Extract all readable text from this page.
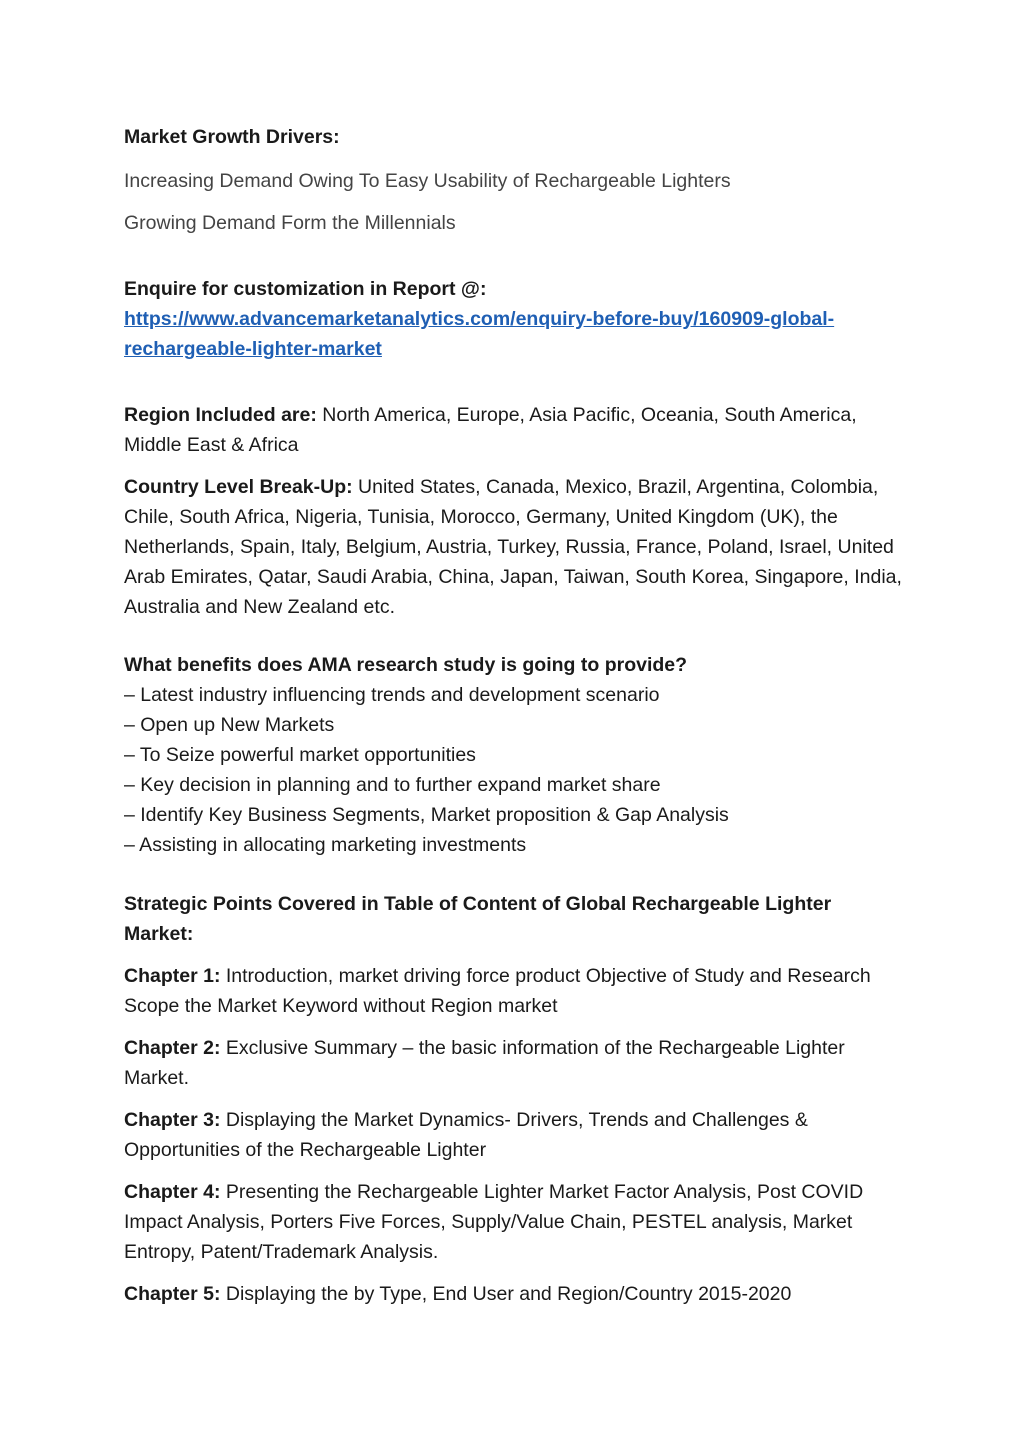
Market Growth Drivers:

Increasing Demand Owing To Easy Usability of Rechargeable Lighters

Growing Demand Form the Millennials

Enquire for customization in Report @:

https://www.advancemarketanalytics.com/enquiry-before-buy/160909-global-
rechargeable-lighter-market

Region Included are: North America, Europe, Asia Pacific, Oceania, South America, Middle East & Africa

Country Level Break-Up: United States, Canada, Mexico, Brazil, Argentina, Colombia, Chile, South Africa, Nigeria, Tunisia, Morocco, Germany, United Kingdom (UK), the Netherlands, Spain, Italy, Belgium, Austria, Turkey, Russia, France, Poland, Israel, United Arab Emirates, Qatar, Saudi Arabia, China, Japan, Taiwan, South Korea, Singapore, India, Australia and New Zealand etc.

What benefits does AMA research study is going to provide?

– Latest industry influencing trends and development scenario
– Open up New Markets
– To Seize powerful market opportunities
– Key decision in planning and to further expand market share
– Identify Key Business Segments, Market proposition & Gap Analysis
– Assisting in allocating marketing investments

Strategic Points Covered in Table of Content of Global Rechargeable Lighter Market:

Chapter 1: Introduction, market driving force product Objective of Study and Research Scope the Market Keyword without Region market

Chapter 2: Exclusive Summary – the basic information of the Rechargeable Lighter Market.

Chapter 3: Displaying the Market Dynamics- Drivers, Trends and Challenges & Opportunities of the Rechargeable Lighter

Chapter 4: Presenting the Rechargeable Lighter Market Factor Analysis, Post COVID Impact Analysis, Porters Five Forces, Supply/Value Chain, PESTEL analysis, Market Entropy, Patent/Trademark Analysis.

Chapter 5: Displaying the by Type, End User and Region/Country 2015-2020
